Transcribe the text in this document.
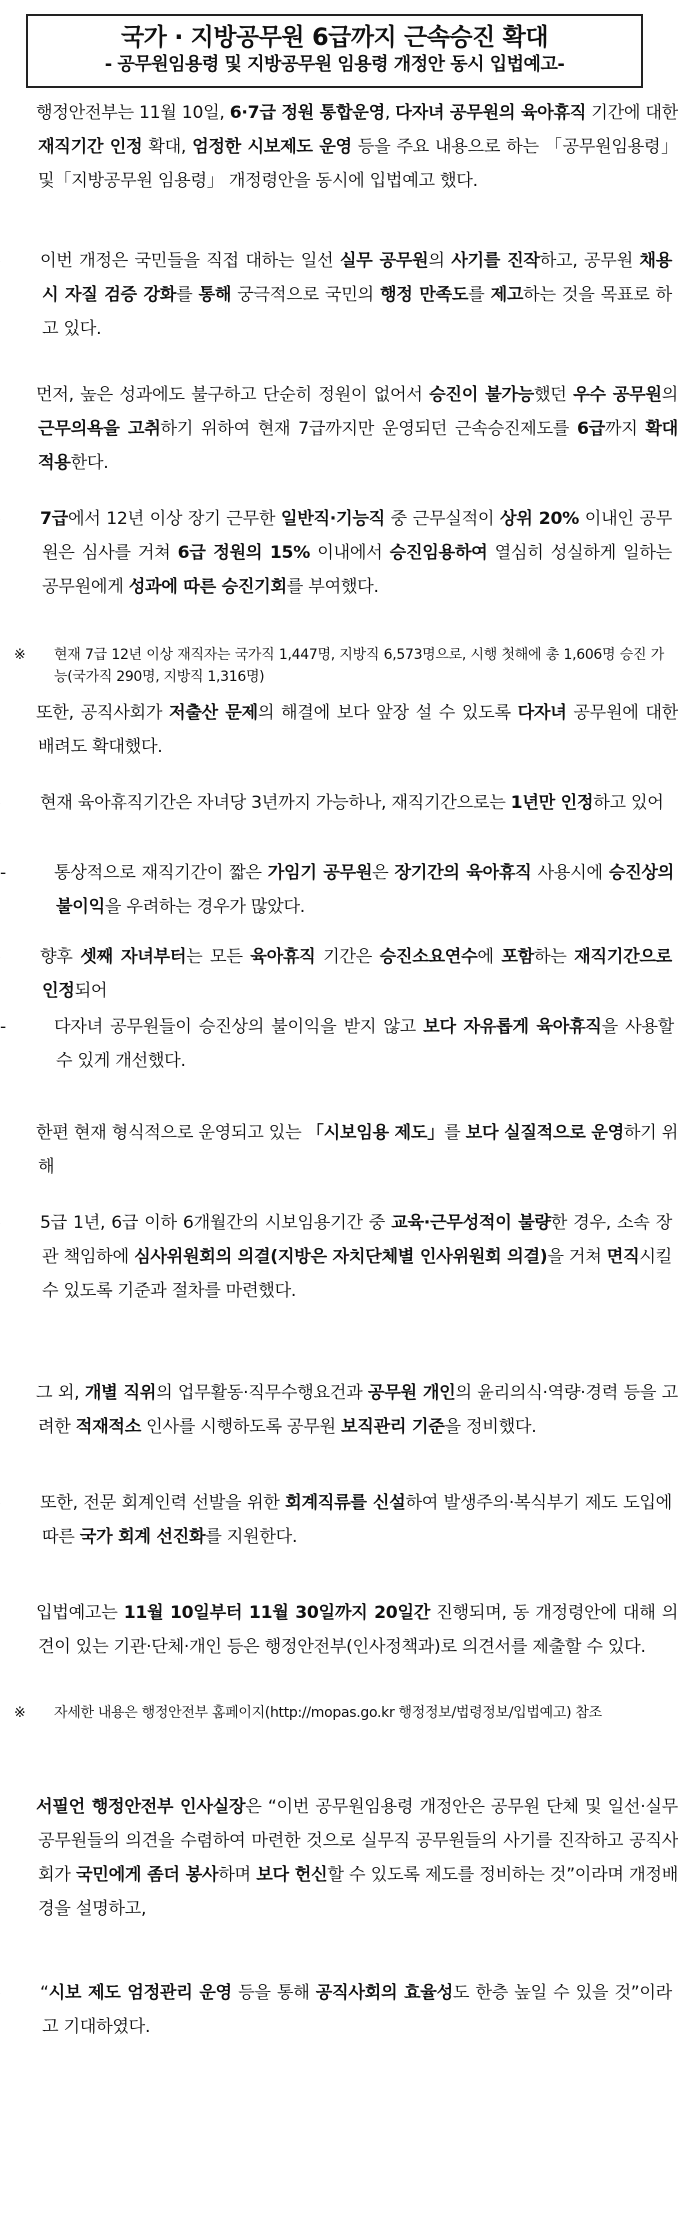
국가 · 지방공무원 6급까지 근속승진 확대
- 공무원임용령 및 지방공무원 임용령 개정안 동시 입법예고-
행정안전부는 11월 10일, 6·7급 정원 통합운영, 다자녀 공무원의 육아휴직 기간에 대한 재직기간 인정 확대, 엄정한 시보제도 운영 등을 주요 내용으로 하는 「공무원임용령」 및「지방공무원 임용령」 개정령안을 동시에 입법예고 했다.
이번 개정은 국민들을 직접 대하는 일선 실무 공무원의 사기를 진작하고, 공무원 채용시 자질 검증 강화를 통해 궁극적으로 국민의 행정 만족도를 제고하는 것을 목표로 하고 있다.
먼저, 높은 성과에도 불구하고 단순히 정원이 없어서 승진이 불가능했던 우수 공무원의 근무의욕을 고취하기 위하여 현재 7급까지만 운영되던 근속승진제도를 6급까지 확대 적용한다.
7급에서 12년 이상 장기 근무한 일반직·기능직 중 근무실적이 상위 20% 이내인 공무원은 심사를 거쳐 6급 정원의 15% 이내에서 승진임용하여 열심히 성실하게 일하는 공무원에게 성과에 따른 승진기회를 부여했다.
※ 현재 7급 12년 이상 재직자는 국가직 1,447명, 지방직 6,573명으로, 시행 첫해에 총 1,606명 승진 가능(국가직 290명, 지방직 1,316명)
또한, 공직사회가 저출산 문제의 해결에 보다 앞장 설 수 있도록 다자녀 공무원에 대한 배려도 확대했다.
현재 육아휴직기간은 자녀당 3년까지 가능하나, 재직기간으로는 1년만 인정하고 있어
-	통상적으로 재직기간이 짧은 가임기 공무원은 장기간의 육아휴직 사용시에 승진상의 불이익을 우려하는 경우가 많았다.
향후 셋째 자녀부터는 모든 육아휴직 기간은 승진소요연수에 포함하는 재직기간으로 인정되어
-	다자녀 공무원들이 승진상의 불이익을 받지 않고 보다 자유롭게 육아휴직을 사용할 수 있게 개선했다.
한편 현재 형식적으로 운영되고 있는 「시보임용 제도」를 보다 실질적으로 운영하기 위해
5급 1년, 6급 이하 6개월간의 시보임용기간 중 교육·근무성적이 불량한 경우, 소속 장관 책임하에 심사위원회의 의결(지방은 자치단체별 인사위원회 의결)을 거쳐 면직시킬 수 있도록 기준과 절차를 마련했다.
그 외, 개별 직위의 업무활동·직무수행요건과 공무원 개인의 윤리의식·역량·경력 등을 고려한 적재적소 인사를 시행하도록 공무원 보직관리 기준을 정비했다.
또한, 전문 회계인력 선발을 위한 회계직류를 신설하여 발생주의·복식부기 제도 도입에 따른 국가 회계 선진화를 지원한다.
입법예고는 11월 10일부터 11월 30일까지 20일간 진행되며, 동 개정령안에 대해 의견이 있는 기관·단체·개인 등은 행정안전부(인사정책과)로 의견서를 제출할 수 있다.
※ 자세한 내용은 행정안전부 홈페이지(http://mopas.go.kr 행정정보/법령정보/입법예고) 참조
서필언 행정안전부 인사실장은 “이번 공무원임용령 개정안은 공무원 단체 및 일선·실무공무원들의 의견을 수렴하여 마련한 것으로 실무직 공무원들의 사기를 진작하고 공직사회가 국민에게 좀더 봉사하며 보다 헌신할 수 있도록 제도를 정비하는 것”이라며 개정배경을 설명하고,
“시보 제도 엄정관리 운영 등을 통해 공직사회의 효율성도 한층 높일 수 있을 것”이라고 기대하였다.
